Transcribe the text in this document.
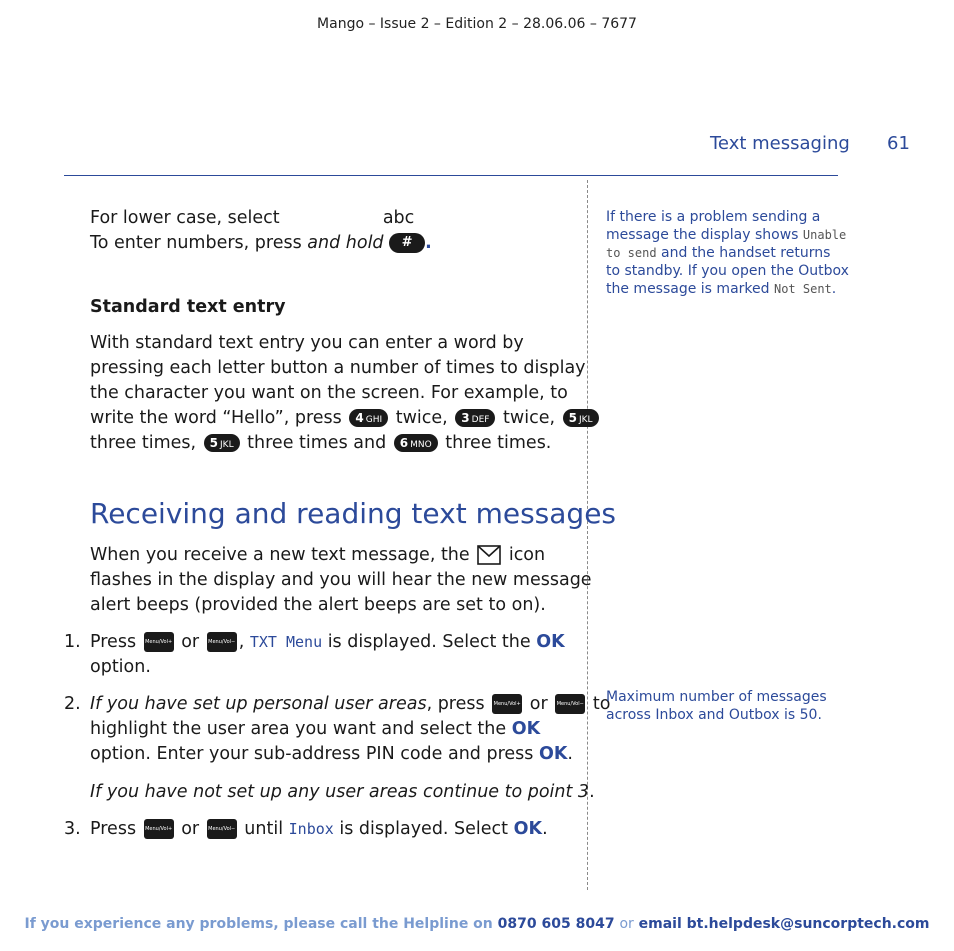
Mango – Issue 2 – Edition 2 – 28.06.06 – 7677
Text messaging 61
For lower case, select	abc
To enter numbers, press and hold # .
Standard text entry
With standard text entry you can enter a word by
pressing each letter button a number of times to display
the character you want on the screen. For example, to
write the word “Hello”, press 4 GHI twice, 3 DEF twice, 5 JKL
three times, 5 JKL three times and 6 MNO three times.
Receiving and reading text messages
When you receive a new text message, the icon
flashes in the display and you will hear the new message
alert beeps (provided the alert beeps are set to on).
1. Press Menu/Vol+ or Menu/Vol− , TXT Menu is displayed. Select the OK
option.
2. If you have set up personal user areas, press Menu/Vol+ or Menu/Vol− to
highlight the user area you want and select the OK
option. Enter your sub-address PIN code and press OK.
If you have not set up any user areas continue to point 3.
3. Press Menu/Vol+ or Menu/Vol− until Inbox is displayed. Select OK.
If there is a problem sending a
message the display shows Unable
to send and the handset returns
to standby. If you open the Outbox
the message is marked Not Sent.
Maximum number of messages
across Inbox and Outbox is 50.
If you experience any problems, please call the Helpline on 0870 605 8047 or email bt.helpdesk@suncorptech.com
